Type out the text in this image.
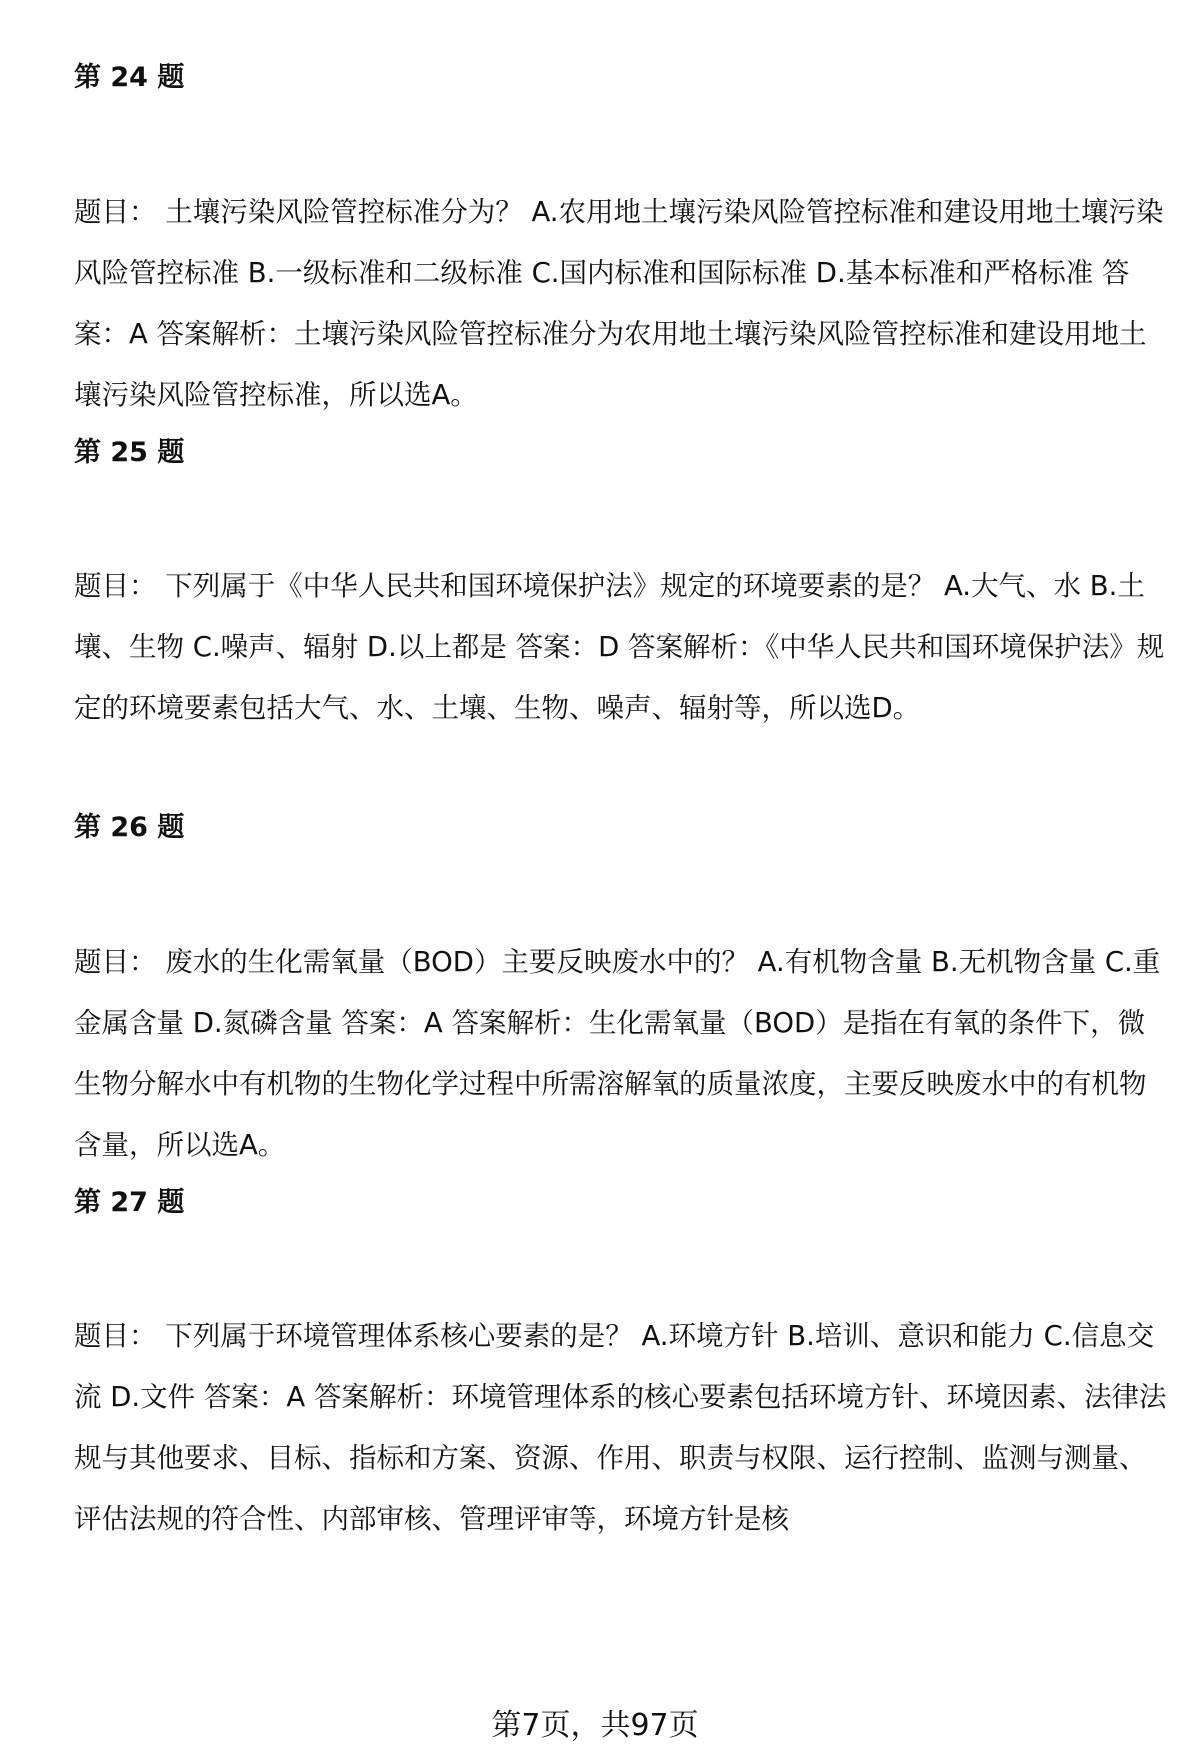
第 24 题

题目： 土壤污染风险管控标准分为？ A.农用地土壤污染风险管控标准和建设用地土壤污染风险管控标准 B.一级标准和二级标准 C.国内标准和国际标准 D.基本标准和严格标准 答案：A 答案解析：土壤污染风险管控标准分为农用地土壤污染风险管控标准和建设用地土壤污染风险管控标准，所以选A。

第 25 题

题目： 下列属于《中华人民共和国环境保护法》规定的环境要素的是？ A.大气、水 B.土壤、生物 C.噪声、辐射 D.以上都是 答案：D 答案解析：《中华人民共和国环境保护法》规定的环境要素包括大气、水、土壤、生物、噪声、辐射等，所以选D。

第 26 题

题目： 废水的生化需氧量（BOD）主要反映废水中的？ A.有机物含量 B.无机物含量 C.重金属含量 D.氮磷含量 答案：A 答案解析：生化需氧量（BOD）是指在有氧的条件下，微生物分解水中有机物的生物化学过程中所需溶解氧的质量浓度，主要反映废水中的有机物含量，所以选A。

第 27 题

题目： 下列属于环境管理体系核心要素的是？ A.环境方针 B.培训、意识和能力 C.信息交流 D.文件 答案：A 答案解析：环境管理体系的核心要素包括环境方针、环境因素、法律法规与其他要求、目标、指标和方案、资源、作用、职责与权限、运行控制、监测与测量、评估法规的符合性、内部审核、管理评审等，环境方针是核

第7页，共97页
